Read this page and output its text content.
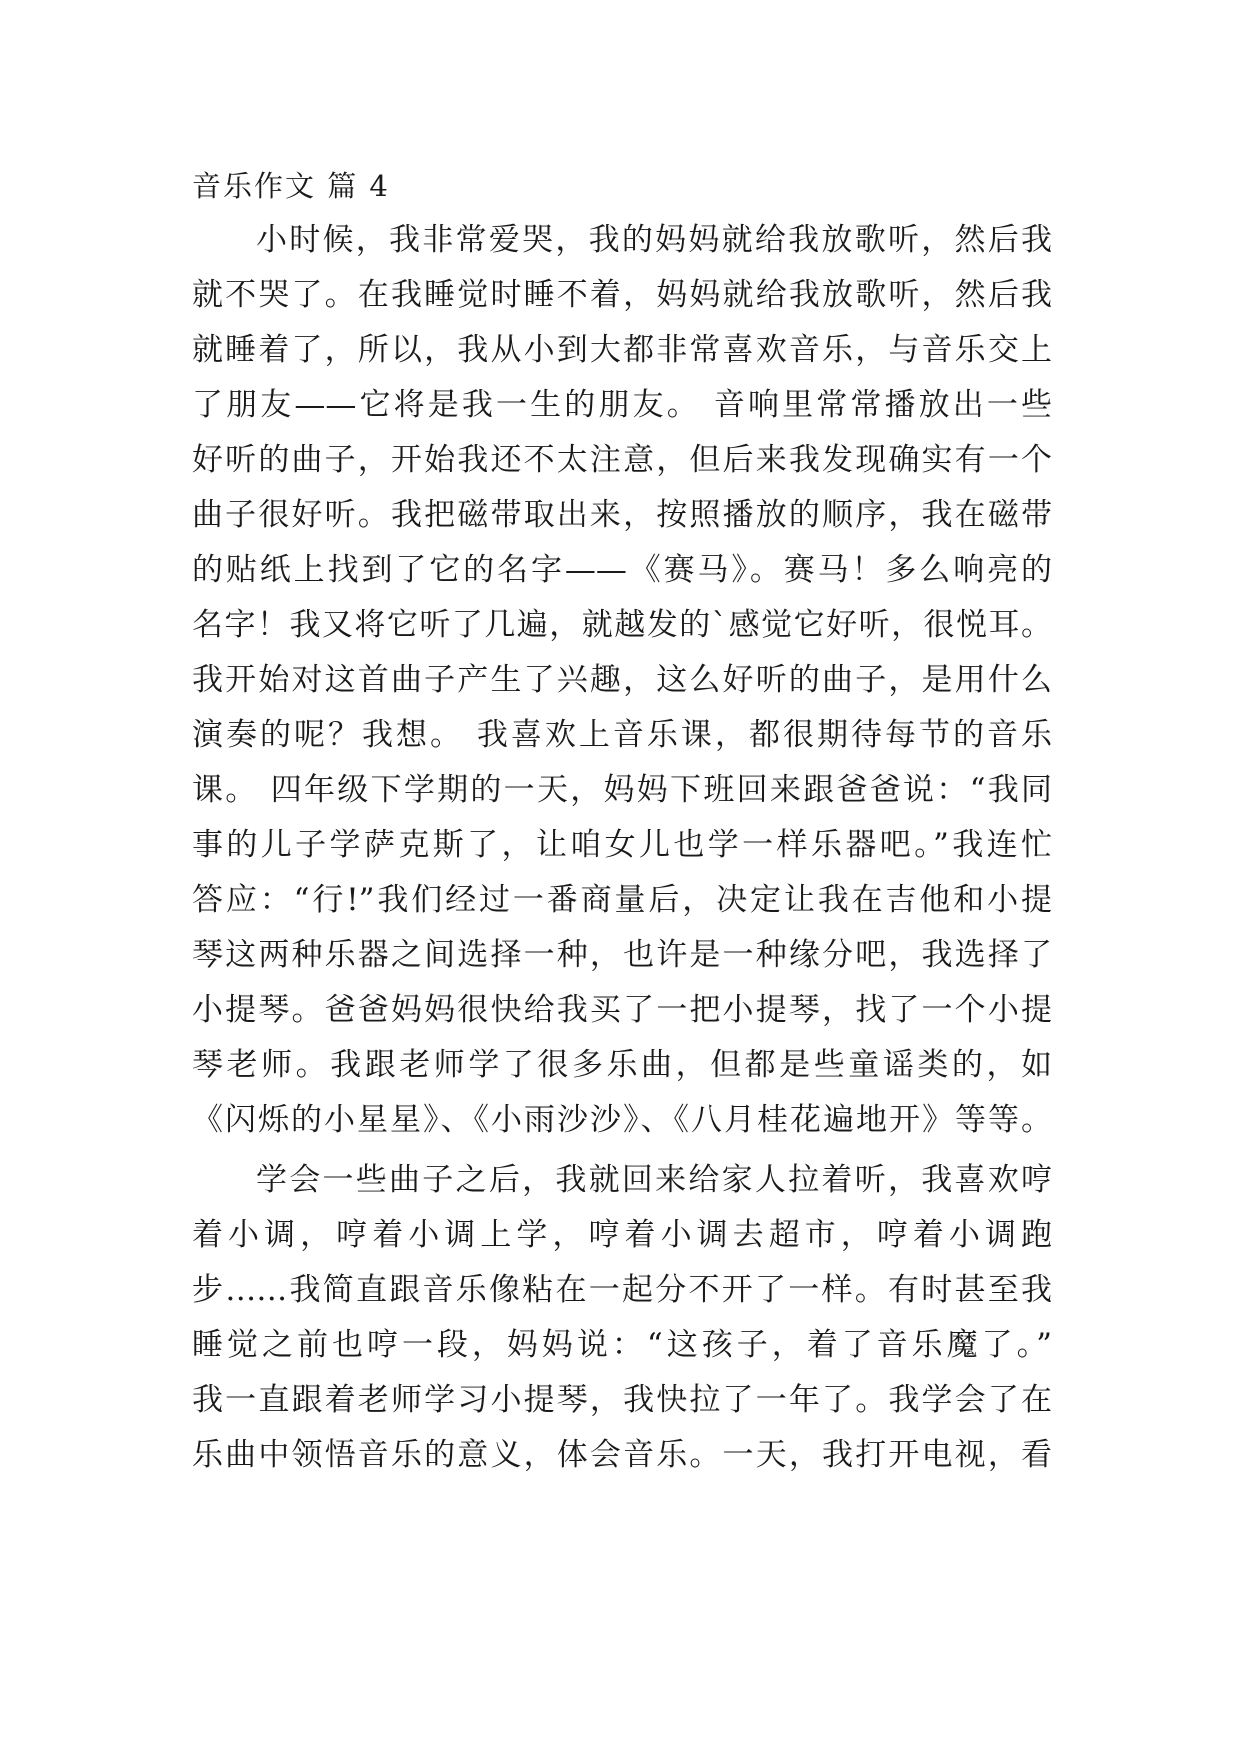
音乐作文 篇 4

小时候，我非常爱哭，我的妈妈就给我放歌听，然后我

就不哭了。在我睡觉时睡不着，妈妈就给我放歌听，然后我

就睡着了，所以，我从小到大都非常喜欢音乐，与音乐交上

了朋友——它将是我一生的朋友。 音响里常常播放出一些

好听的曲子，开始我还不太注意，但后来我发现确实有一个

曲子很好听。我把磁带取出来，按照播放的顺序，我在磁带

的贴纸上找到了它的名字——《赛马》。赛马！多么响亮的

名字！我又将它听了几遍，就越发的`感觉它好听，很悦耳。

我开始对这首曲子产生了兴趣，这么好听的曲子，是用什么

演奏的呢？我想。 我喜欢上音乐课，都很期待每节的音乐

课。 四年级下学期的一天，妈妈下班回来跟爸爸说：“我同

事的儿子学萨克斯了，让咱女儿也学一样乐器吧。”我连忙

答应：“行!”我们经过一番商量后，决定让我在吉他和小提

琴这两种乐器之间选择一种，也许是一种缘分吧，我选择了

小提琴。爸爸妈妈很快给我买了一把小提琴，找了一个小提

琴老师。我跟老师学了很多乐曲，但都是些童谣类的，如

《闪烁的小星星》、《小雨沙沙》、《八月桂花遍地开》等等。

学会一些曲子之后，我就回来给家人拉着听，我喜欢哼

着小调，哼着小调上学，哼着小调去超市，哼着小调跑

步……我简直跟音乐像粘在一起分不开了一样。有时甚至我

睡觉之前也哼一段，妈妈说：“这孩子，着了音乐魔了。”

我一直跟着老师学习小提琴，我快拉了一年了。我学会了在

乐曲中领悟音乐的意义，体会音乐。一天，我打开电视，看
